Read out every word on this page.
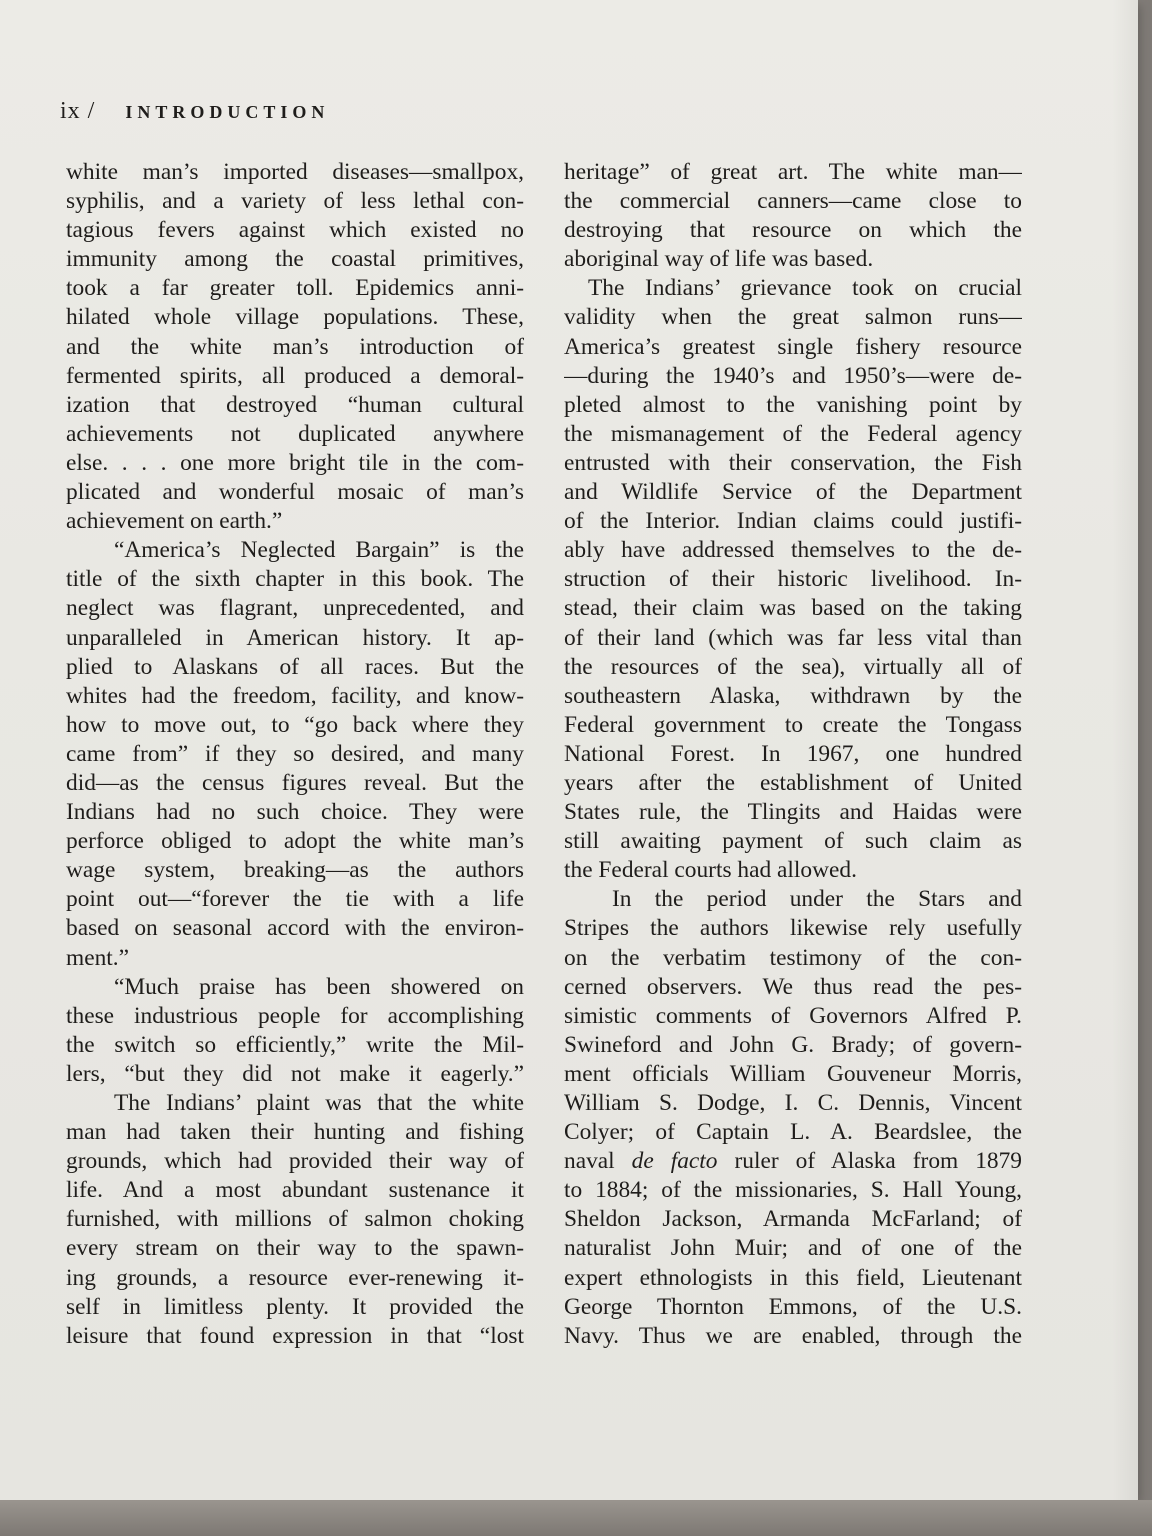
ix / INTRODUCTION
white man’s imported diseases—smallpox,
syphilis, and a variety of less lethal con-
tagious fevers against which existed no
immunity among the coastal primitives,
took a far greater toll. Epidemics anni-
hilated whole village populations. These,
and the white man’s introduction of
fermented spirits, all produced a demoral-
ization that destroyed “human cultural
achievements not duplicated anywhere
else. . . . one more bright tile in the com-
plicated and wonderful mosaic of man’s
achievement on earth.”
“America’s Neglected Bargain” is the
title of the sixth chapter in this book. The
neglect was flagrant, unprecedented, and
unparalleled in American history. It ap-
plied to Alaskans of all races. But the
whites had the freedom, facility, and know-
how to move out, to “go back where they
came from” if they so desired, and many
did—as the census figures reveal. But the
Indians had no such choice. They were
perforce obliged to adopt the white man’s
wage system, breaking—as the authors
point out—“forever the tie with a life
based on seasonal accord with the environ-
ment.”
“Much praise has been showered on
these industrious people for accomplishing
the switch so efficiently,” write the Mil-
lers, “but they did not make it eagerly.”
The Indians’ plaint was that the white
man had taken their hunting and fishing
grounds, which had provided their way of
life. And a most abundant sustenance it
furnished, with millions of salmon choking
every stream on their way to the spawn-
ing grounds, a resource ever-renewing it-
self in limitless plenty. It provided the
leisure that found expression in that “lost
heritage” of great art. The white man—
the commercial canners—came close to
destroying that resource on which the
aboriginal way of life was based.
The Indians’ grievance took on crucial
validity when the great salmon runs—
America’s greatest single fishery resource
—during the 1940’s and 1950’s—were de-
pleted almost to the vanishing point by
the mismanagement of the Federal agency
entrusted with their conservation, the Fish
and Wildlife Service of the Department
of the Interior. Indian claims could justifi-
ably have addressed themselves to the de-
struction of their historic livelihood. In-
stead, their claim was based on the taking
of their land (which was far less vital than
the resources of the sea), virtually all of
southeastern Alaska, withdrawn by the
Federal government to create the Tongass
National Forest. In 1967, one hundred
years after the establishment of United
States rule, the Tlingits and Haidas were
still awaiting payment of such claim as
the Federal courts had allowed.
In the period under the Stars and
Stripes the authors likewise rely usefully
on the verbatim testimony of the con-
cerned observers. We thus read the pes-
simistic comments of Governors Alfred P.
Swineford and John G. Brady; of govern-
ment officials William Gouveneur Morris,
William S. Dodge, I. C. Dennis, Vincent
Colyer; of Captain L. A. Beardslee, the
naval de facto ruler of Alaska from 1879
to 1884; of the missionaries, S. Hall Young,
Sheldon Jackson, Armanda McFarland; of
naturalist John Muir; and of one of the
expert ethnologists in this field, Lieutenant
George Thornton Emmons, of the U.S.
Navy. Thus we are enabled, through the
